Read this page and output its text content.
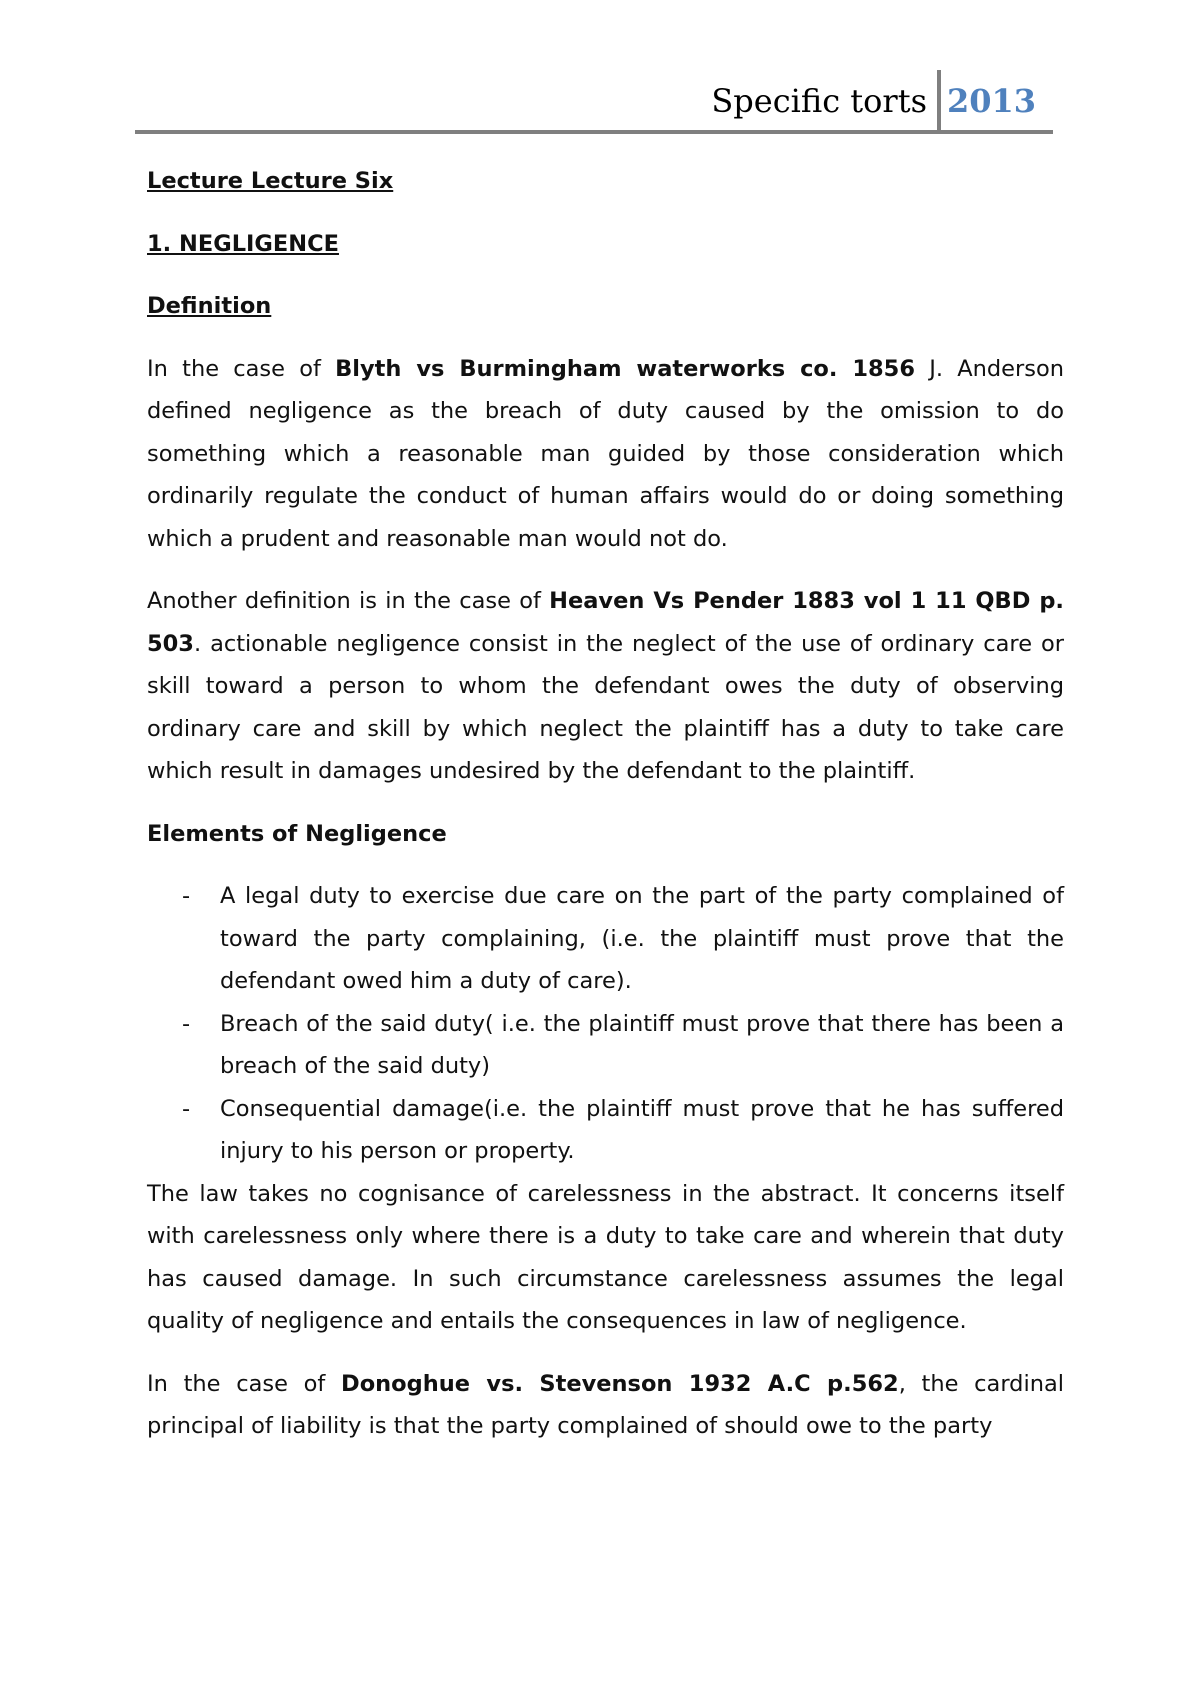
Specific torts 2013
Lecture Lecture Six
1. NEGLIGENCE
Definition

In the case of Blyth vs Burmingham waterworks co. 1856 J. Anderson defined negligence as the breach of duty caused by the omission to do something which a reasonable man guided by those consideration which ordinarily regulate the conduct of human affairs would do or doing something which a prudent and reasonable man would not do.

Another definition is in the case of Heaven Vs Pender 1883 vol 1 11 QBD p. 503. actionable negligence consist in the neglect of the use of ordinary care or skill toward a person to whom the defendant owes the duty of observing ordinary care and skill by which neglect the plaintiff has a duty to take care which result in damages undesired by the defendant to the plaintiff.

Elements of Negligence
- A legal duty to exercise due care on the part of the party complained of toward the party complaining, (i.e. the plaintiff must prove that the defendant owed him a duty of care).
- Breach of the said duty( i.e. the plaintiff must prove that there has been a breach of the said duty)
- Consequential damage(i.e. the plaintiff must prove that he has suffered injury to his person or property.

The law takes no cognisance of carelessness in the abstract. It concerns itself with carelessness only where there is a duty to take care and wherein that duty has caused damage. In such circumstance carelessness assumes the legal quality of negligence and entails the consequences in law of negligence.

In the case of Donoghue vs. Stevenson 1932 A.C p.562, the cardinal principal of liability is that the party complained of should owe to the party
